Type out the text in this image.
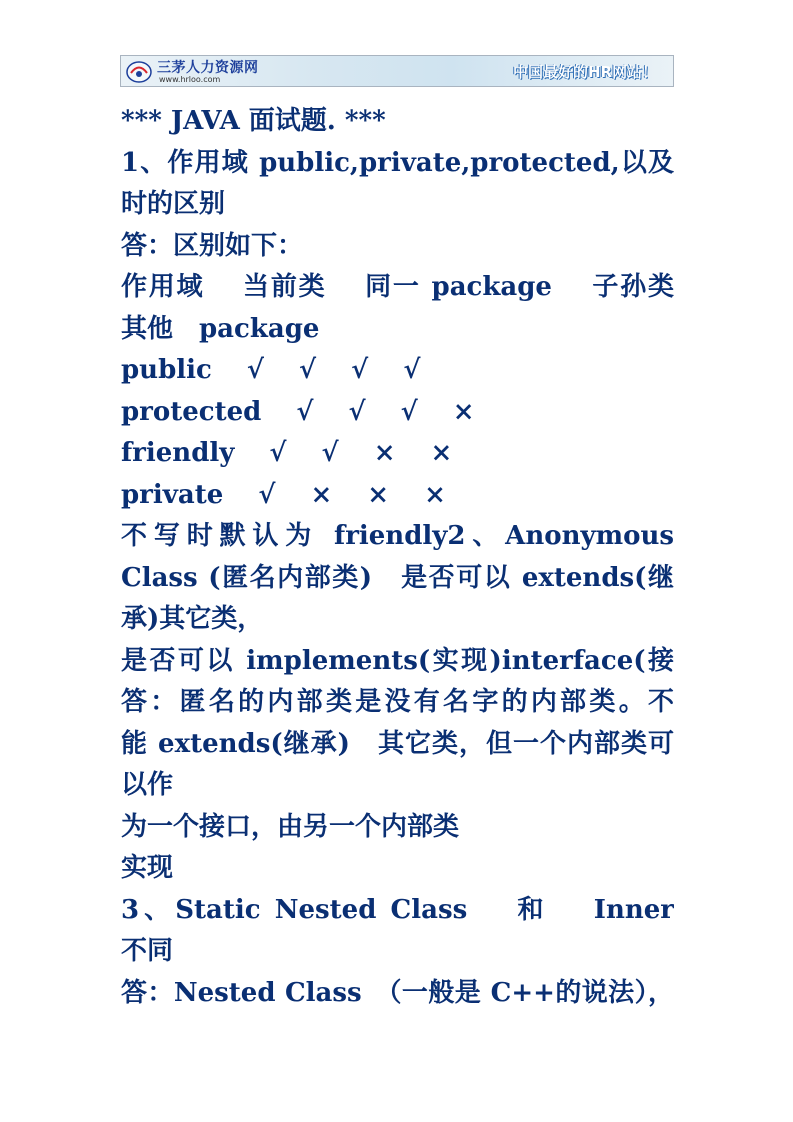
三茅人力资源网
www.hrloo.com	中国最好的HR网站！
*** JAVA 面试题. ***
1、作用域 public,private,protected,以及
时的区别
答：区别如下：
作用域　 当前类　 同一 package　 子孙类
其他　package
public　 √　 √　 √　 √
protected　 √　 √　 √　 ×
friendly　 √　 √　 ×　 ×
private　 √　 ×　 ×　 ×
不写时默认为 friendly2、Anonymous
Class (匿名内部类)　是否可以 extends(继
承)其它类，
是否可以 implements(实现)interface(接
答：匿名的内部类是没有名字的内部类。不
能 extends(继承)　其它类，但一个内部类可
以作
为一个接口，由另一个内部类
实现
3、Static Nested Class　 和　 Inner
不同
答：Nested Class　（一般是 C++的说法），
